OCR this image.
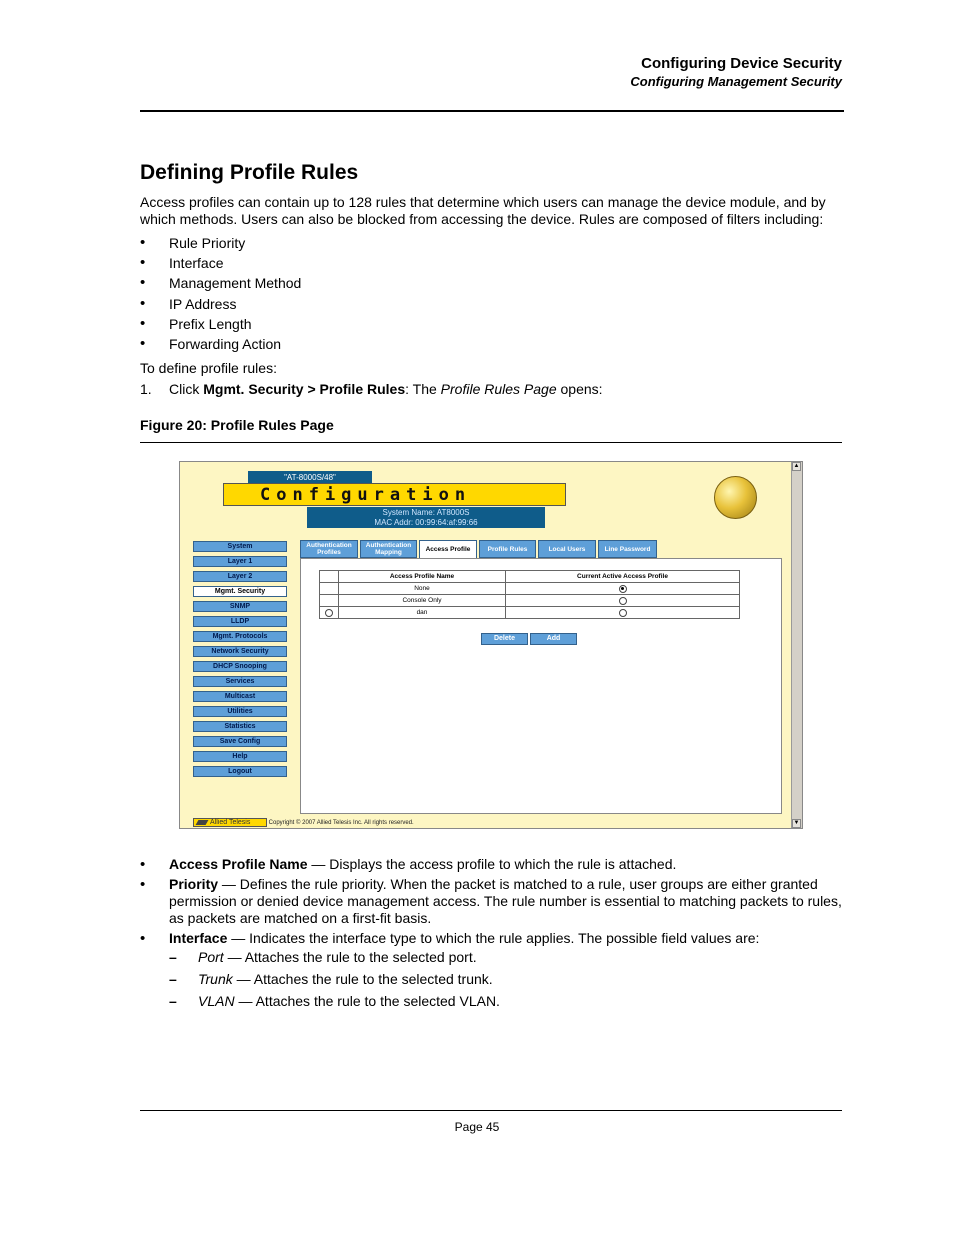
Configuring Device Security
Configuring Management Security
Defining Profile Rules
Access profiles can contain up to 128 rules that determine which users can manage the device module, and by which methods. Users can also be blocked from accessing the device. Rules are composed of filters including:
• Rule Priority
• Interface
• Management Method
• IP Address
• Prefix Length
• Forwarding Action
To define profile rules:
1. Click Mgmt. Security > Profile Rules: The Profile Rules Page opens:
Figure 20: Profile Rules Page
"AT-8000S/48"
Configuration
System Name: AT8000S
MAC Addr: 00:99:64:af:99:66
System
Layer 1
Layer 2
Mgmt. Security
SNMP
LLDP
Mgmt. Protocols
Network Security
DHCP Snooping
Services
Multicast
Utilities
Statistics
Save Config
Help
Logout
Authentication Profiles
Authentication Mapping	Access Profile	Profile Rules	Local Users	Line Password
	Access Profile Name	Current Active Access Profile
	None	
	Console Only	
	dan	
Delete	Add
Allied Telesis	Copyright © 2007 Allied Telesis Inc. All rights reserved.
▲
▼
• Access Profile Name — Displays the access profile to which the rule is attached.
• Priority — Defines the rule priority. When the packet is matched to a rule, user groups are either granted permission or denied device management access. The rule number is essential to matching packets to rules, as packets are matched on a first-fit basis.
• Interface — Indicates the interface type to which the rule applies. The possible field values are:
– Port — Attaches the rule to the selected port.
– Trunk — Attaches the rule to the selected trunk.
– VLAN — Attaches the rule to the selected VLAN.
Page 45
